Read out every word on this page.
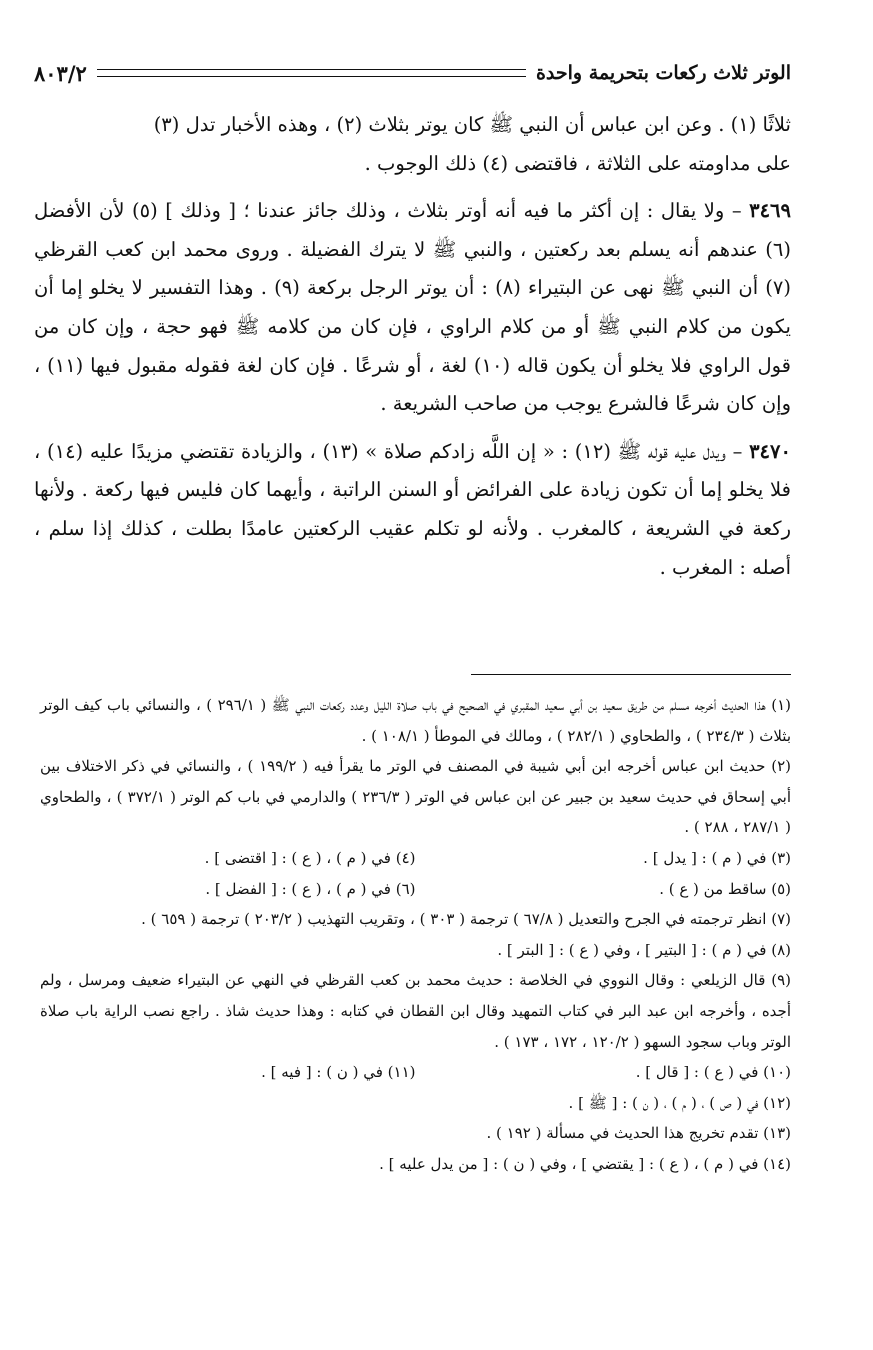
الوتر ثلاث ركعات بتحريمة واحدة
٨٠٣/٢

ثلاثًا (١) . وعن ابن عباس أن النبي ﷺ كان يوتر بثلاث (٢) ، وهذه الأخبار تدل (٣)

على مداومته على الثلاثة ، فاقتضى (٤) ذلك الوجوب .

٣٤٦٩ – ولا يقال : إن أكثر ما فيه أنه أوتر بثلاث ، وذلك جائز عندنا ؛ [ وذلك ] (٥) لأن الأفضل (٦) عندهم أنه يسلم بعد ركعتين ، والنبي ﷺ لا يترك الفضيلة . وروى محمد ابن كعب القرظي (٧) أن النبي ﷺ نهى عن البتيراء (٨) : أن يوتر الرجل بركعة (٩) . وهذا التفسير لا يخلو إما أن يكون من كلام النبي ﷺ أو من كلام الراوي ، فإن كان من كلامه ﷺ فهو حجة ، وإن كان من قول الراوي فلا يخلو أن يكون قاله (١٠) لغة ، أو شرعًا . فإن كان لغة فقوله مقبول فيها (١١) ، وإن كان شرعًا فالشرع يوجب من صاحب الشريعة .

٣٤٧٠ – ويدل عليه قوله ﷺ (١٢) : « إن اللَّه زادكم صلاة » (١٣) ، والزيادة تقتضي مزيدًا عليه (١٤) ، فلا يخلو إما أن تكون زيادة على الفرائض أو السنن الراتبة ، وأيهما كان فليس فيها ركعة . ولأنها ركعة في الشريعة ، كالمغرب . ولأنه لو تكلم عقيب الركعتين عامدًا بطلت ، كذلك إذا سلم ، أصله : المغرب .

(١) هذا الحديث أخرجه مسلم من طريق سعيد بن أبي سعيد المقبري في الصحيح في باب صلاة الليل وعدد ركعات النبي ﷺ ( ٢٩٦/١ ) ، والنسائي باب كيف الوتر بثلاث ( ٢٣٤/٣ ) ، والطحاوي ( ٢٨٢/١ ) ، ومالك في الموطأ ( ١٠٨/١ ) .

(٢) حديث ابن عباس أخرجه ابن أبي شيبة في المصنف في الوتر ما يقرأ فيه ( ١٩٩/٢ ) ، والنسائي في ذكر الاختلاف بين أبي إسحاق في حديث سعيد بن جبير عن ابن عباس في الوتر ( ٢٣٦/٣ ) والدارمي في باب كم الوتر ( ٣٧٢/١ ) ، والطحاوي ( ٢٨٧/١ ، ٢٨٨ ) .

(٣) في ( م ) : [ يدل ] .
(٤) في ( م ) ، ( ع ) : [ اقتضى ] .
(٥) ساقط من ( ع ) .
(٦) في ( م ) ، ( ع ) : [ الفضل ] .

(٧) انظر ترجمته في الجرح والتعديل ( ٦٧/٨ ) ترجمة ( ٣٠٣ ) ، وتقريب التهذيب ( ٢٠٣/٢ ) ترجمة ( ٦٥٩ ) .

(٨) في ( م ) : [ البتير ] ، وفي ( ع ) : [ البتر ] .

(٩) قال الزيلعي : وقال النووي في الخلاصة : حديث محمد بن كعب القرظي في النهي عن البتيراء ضعيف ومرسل ، ولم أجده ، وأخرجه ابن عبد البر في كتاب التمهيد وقال ابن القطان في كتابه : وهذا حديث شاذ . راجع نصب الراية باب صلاة الوتر وباب سجود السهو ( ١٢٠/٢ ، ١٧٢ ، ١٧٣ ) .

(١٠) في ( ع ) : [ قال ] .
(١١) في ( ن ) : [ فيه ] .

(١٢) في ( ص ) ، ( م ) ، ( ن ) : [ ﷺ ] .

(١٣) تقدم تخريج هذا الحديث في مسألة ( ١٩٢ ) .

(١٤) في ( م ) ، ( ع ) : [ يقتضي ] ، وفي ( ن ) : [ من يدل عليه ] .
